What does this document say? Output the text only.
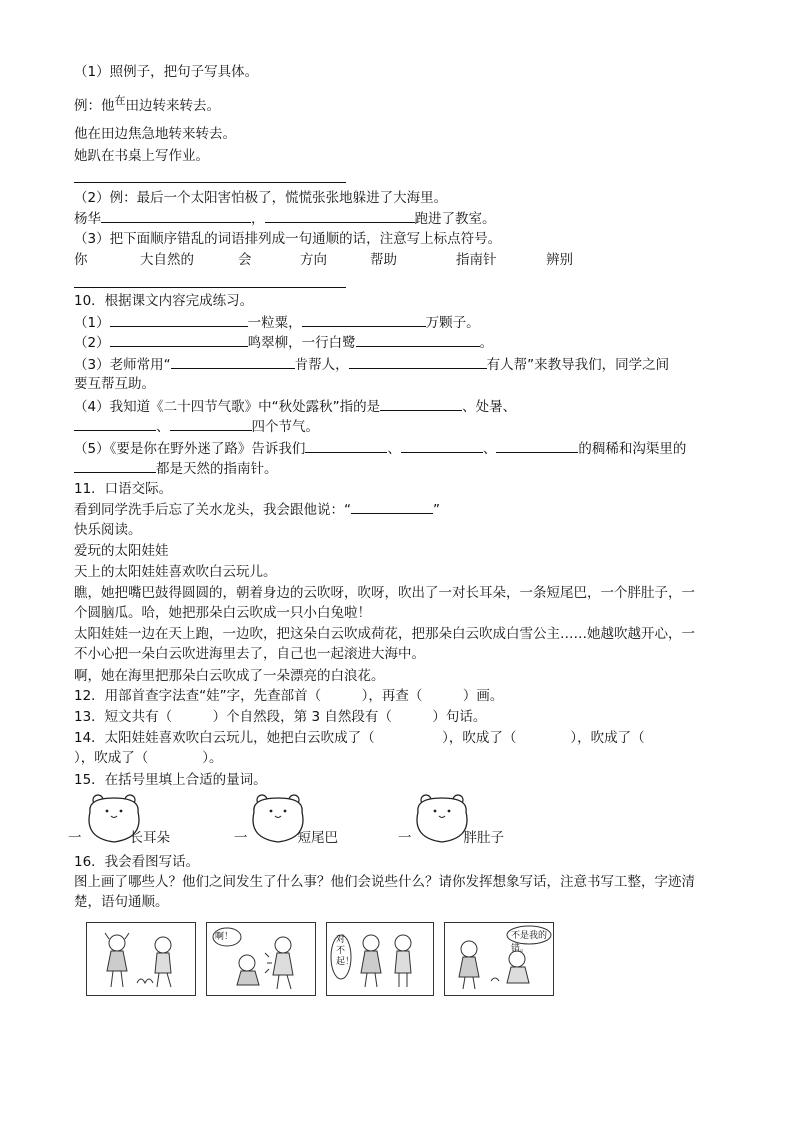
（1）照例子，把句子写具体。
例：他$^在$田边转来转去。
他在田边焦急地转来转去。
她趴在书桌上写作业。
（2）例：最后一个太阳害怕极了，慌慌张张地躲进了大海里。
杨华	，	跑进了教室。
（3）把下面顺序错乱的词语排列成一句通顺的话，注意写上标点符号。
你	大自然的	会	方向	帮助	指南针	辨别
10．根据课文内容完成练习。
（1）	一粒粟，	万颗子。
（2）	鸣翠柳，一行白鹭	。
（3）老师常用“	肯帮人，	有人帮”来教导我们，同学之间
要互帮互助。
（4）我知道《二十四节气歌》中“秋处露秋”指的是	、处暑、
、	四个节气。
（5）《要是你在野外迷了路》告诉我们	、	、	的稠稀和沟渠里的
都是天然的指南针。
11．口语交际。
看到同学洗手后忘了关水龙头，我会跟他说：“	”
快乐阅读。
爱玩的太阳娃娃
天上的太阳娃娃喜欢吹白云玩儿。
瞧，她把嘴巴鼓得圆圆的，朝着身边的云吹呀，吹呀，吹出了一对长耳朵，一条短尾巴，一个胖肚子，一
个圆脑瓜。哈，她把那朵白云吹成一只小白兔啦！
太阳娃娃一边在天上跑，一边吹，把这朵白云吹成荷花，把那朵白云吹成白雪公主……她越吹越开心，一
不小心把一朵白云吹进海里去了，自己也一起滚进大海中。
啊，她在海里把那朵白云吹成了一朵漂亮的白浪花。
12．用部首查字法查“娃”字，先查部首（　　　），再查（　　　）画。
13．短文共有（　　　）个自然段，第 3 自然段有（　　　）句话。
14．太阳娃娃喜欢吹白云玩儿，她把白云吹成了（　　　　　），吹成了（　　　　），吹成了（
），吹成了（　　　　）。
15．在括号里填上合适的量词。
一	长耳朵	一	短尾巴	一	胖肚子
16．我会看图写话。
图上画了哪些人？他们之间发生了什么事？他们会说些什么？请你发挥想象写话，注意书写工整，字迹清
楚，语句通顺。
啊！	对不起！
不是我的错。
